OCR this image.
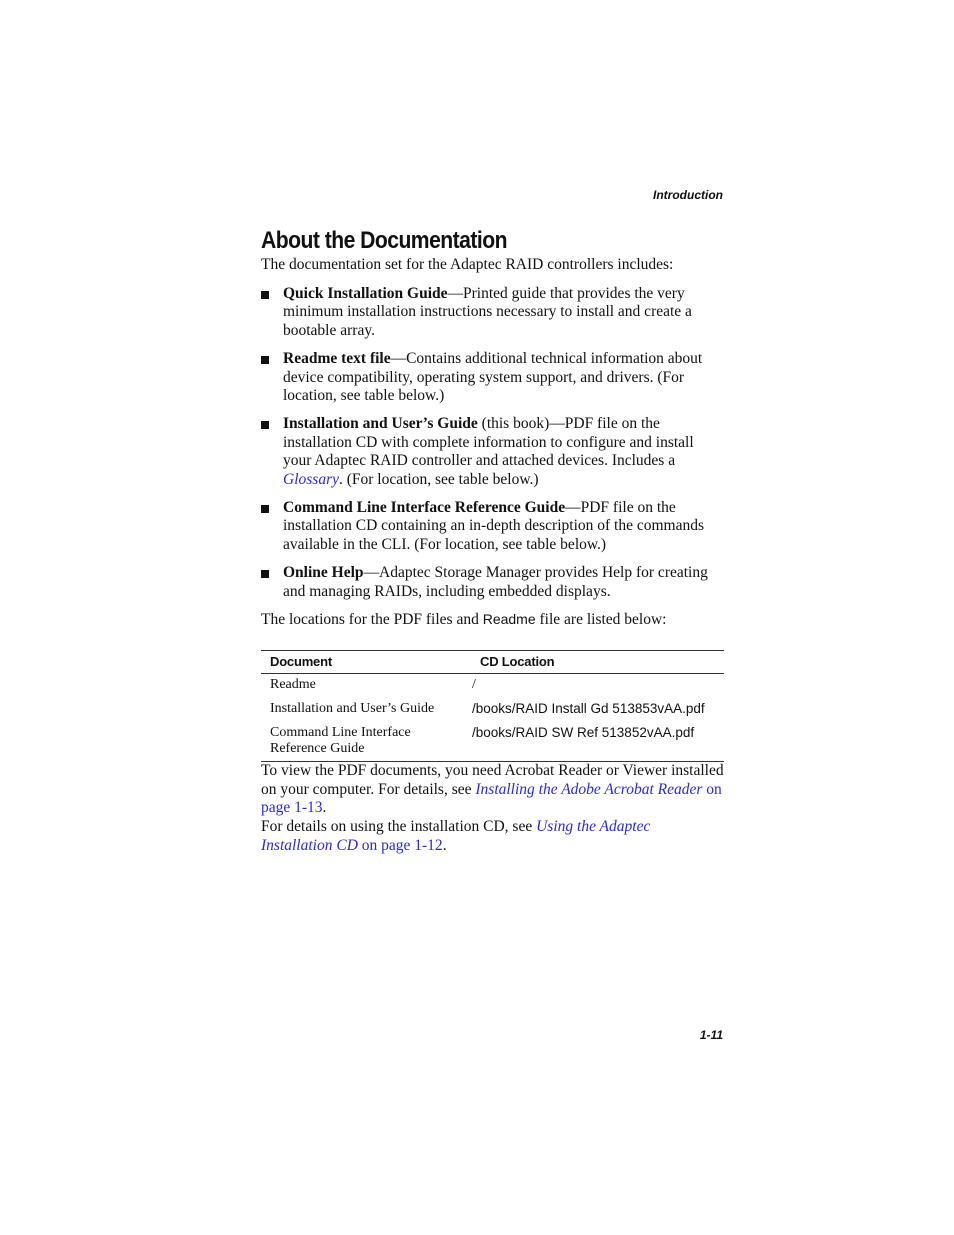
Introduction
About the Documentation

The documentation set for the Adaptec RAID controllers includes:

Quick Installation Guide—Printed guide that provides the very minimum installation instructions necessary to install and create a bootable array.
Readme text file—Contains additional technical information about device compatibility, operating system support, and drivers. (For location, see table below.)
Installation and User’s Guide (this book)—PDF file on the installation CD with complete information to configure and install your Adaptec RAID controller and attached devices. Includes a Glossary. (For location, see table below.)
Command Line Interface Reference Guide—PDF file on the installation CD containing an in-depth description of the commands available in the CLI. (For location, see table below.)
Online Help—Adaptec Storage Manager provides Help for creating and managing RAIDs, including embedded displays.

The locations for the PDF files and Readme file are listed below:

Document	CD Location
Readme	/
Installation and User’s Guide	/books/RAID Install Gd 513853vAA.pdf
Command Line Interface
Reference Guide	/books/RAID SW Ref 513852vAA.pdf

To view the PDF documents, you need Acrobat Reader or Viewer installed on your computer. For details, see Installing the Adobe Acrobat Reader on page 1-13.

For details on using the installation CD, see Using the Adaptec Installation CD on page 1-12.

1-11
